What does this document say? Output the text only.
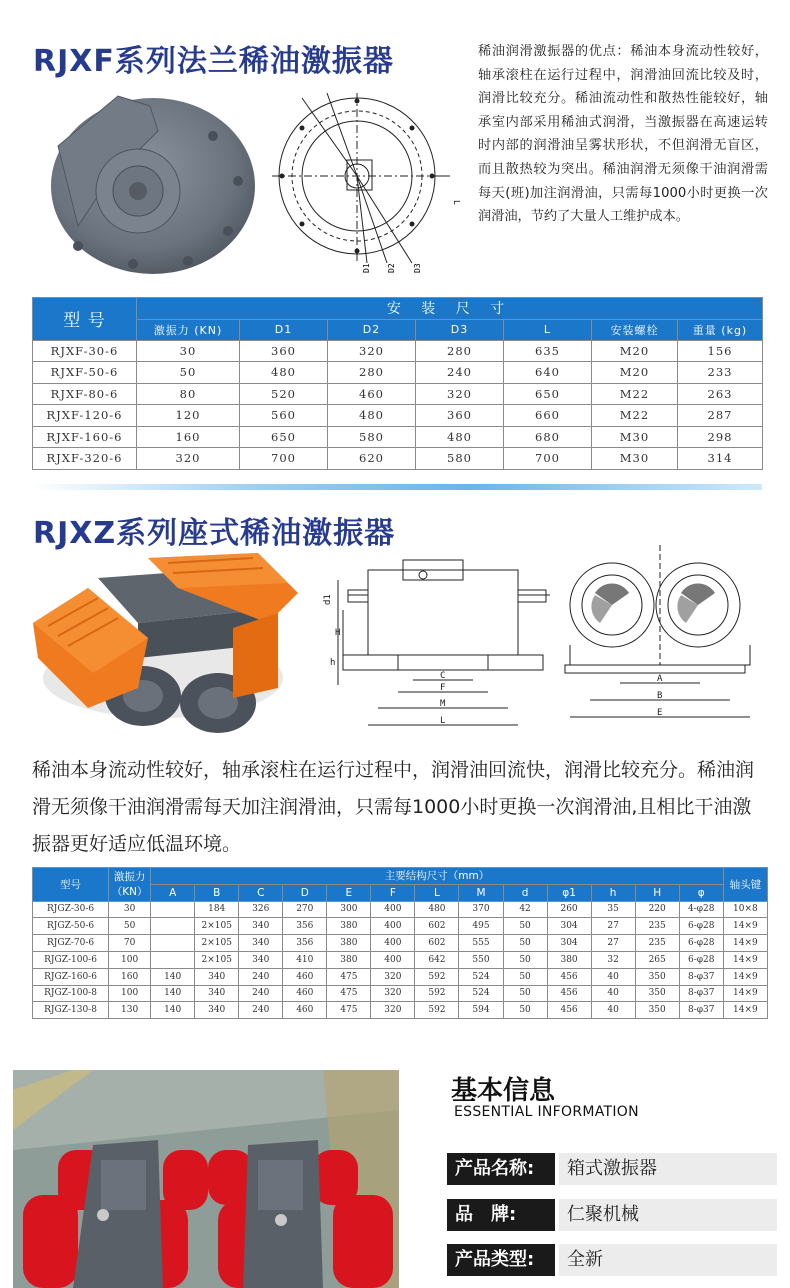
RJXF系列法兰稀油激振器
D1 D2 D3
L
稀油润滑激振器的优点：稀油本身流动性较好，轴承滚柱在运行过程中，润滑油回流比较及时，润滑比较充分。稀油流动性和散热性能较好，轴承室内部采用稀油式润滑，当激振器在高速运转时内部的润滑油呈雾状形状，不但润滑无盲区，而且散热较为突出。稀油润滑无须像干油润滑需每天(班)加注润滑油，只需每1000小时更换一次润滑油，节约了大量人工维护成本。
型 号	安 装 尺 寸						
	激振力 (KN)	D1	D2	D3	L	安装螺栓	重量 (kg)
RJXF-30-6	30	360	320	280	635	M20	156
RJXF-50-6	50	480	280	240	640	M20	233
RJXF-80-6	80	520	460	320	650	M22	263
RJXF-120-6	120	560	480	360	660	M22	287
RJXF-160-6	160	650	580	480	680	M30	298
RJXF-320-6	320	700	620	580	700	M30	314
RJXZ系列座式稀油激振器
d1
H
h
C
F
M
L
A
B
E
稀油本身流动性较好，轴承滚柱在运行过程中，润滑油回流快，润滑比较充分。稀油润滑无须像干油润滑需每天加注润滑油，只需每1000小时更换一次润滑油,且相比干油激振器更好适应低温环境。
型号	激振力 （KN）	主要结构尺寸（mm）													轴头键
		A	B	C	D	E	F	L	M	d	φ1	h	H	φ	
RJGZ-30-6	30		184	326	270	300	400	480	370	42	260	35	220	4-φ28	10×8
RJGZ-50-6	50		2×105	340	356	380	400	602	495	50	304	27	235	6-φ28	14×9
RJGZ-70-6	70		2×105	340	356	380	400	602	555	50	304	27	235	6-φ28	14×9
RJGZ-100-6	100		2×105	340	410	380	400	642	550	50	380	32	265	6-φ28	14×9
RJGZ-160-6	160	140	340	240	460	475	320	592	524	50	456	40	350	8-φ37	14×9
RJGZ-100-8	100	140	340	240	460	475	320	592	524	50	456	40	350	8-φ37	14×9
RJGZ-130-8	130	140	340	240	460	475	320	592	594	50	456	40	350	8-φ37	14×9
基本信息
ESSENTIAL INFORMATION
产品名称:	箱式激振器
品　牌:	仁聚机械
产品类型:	全新
